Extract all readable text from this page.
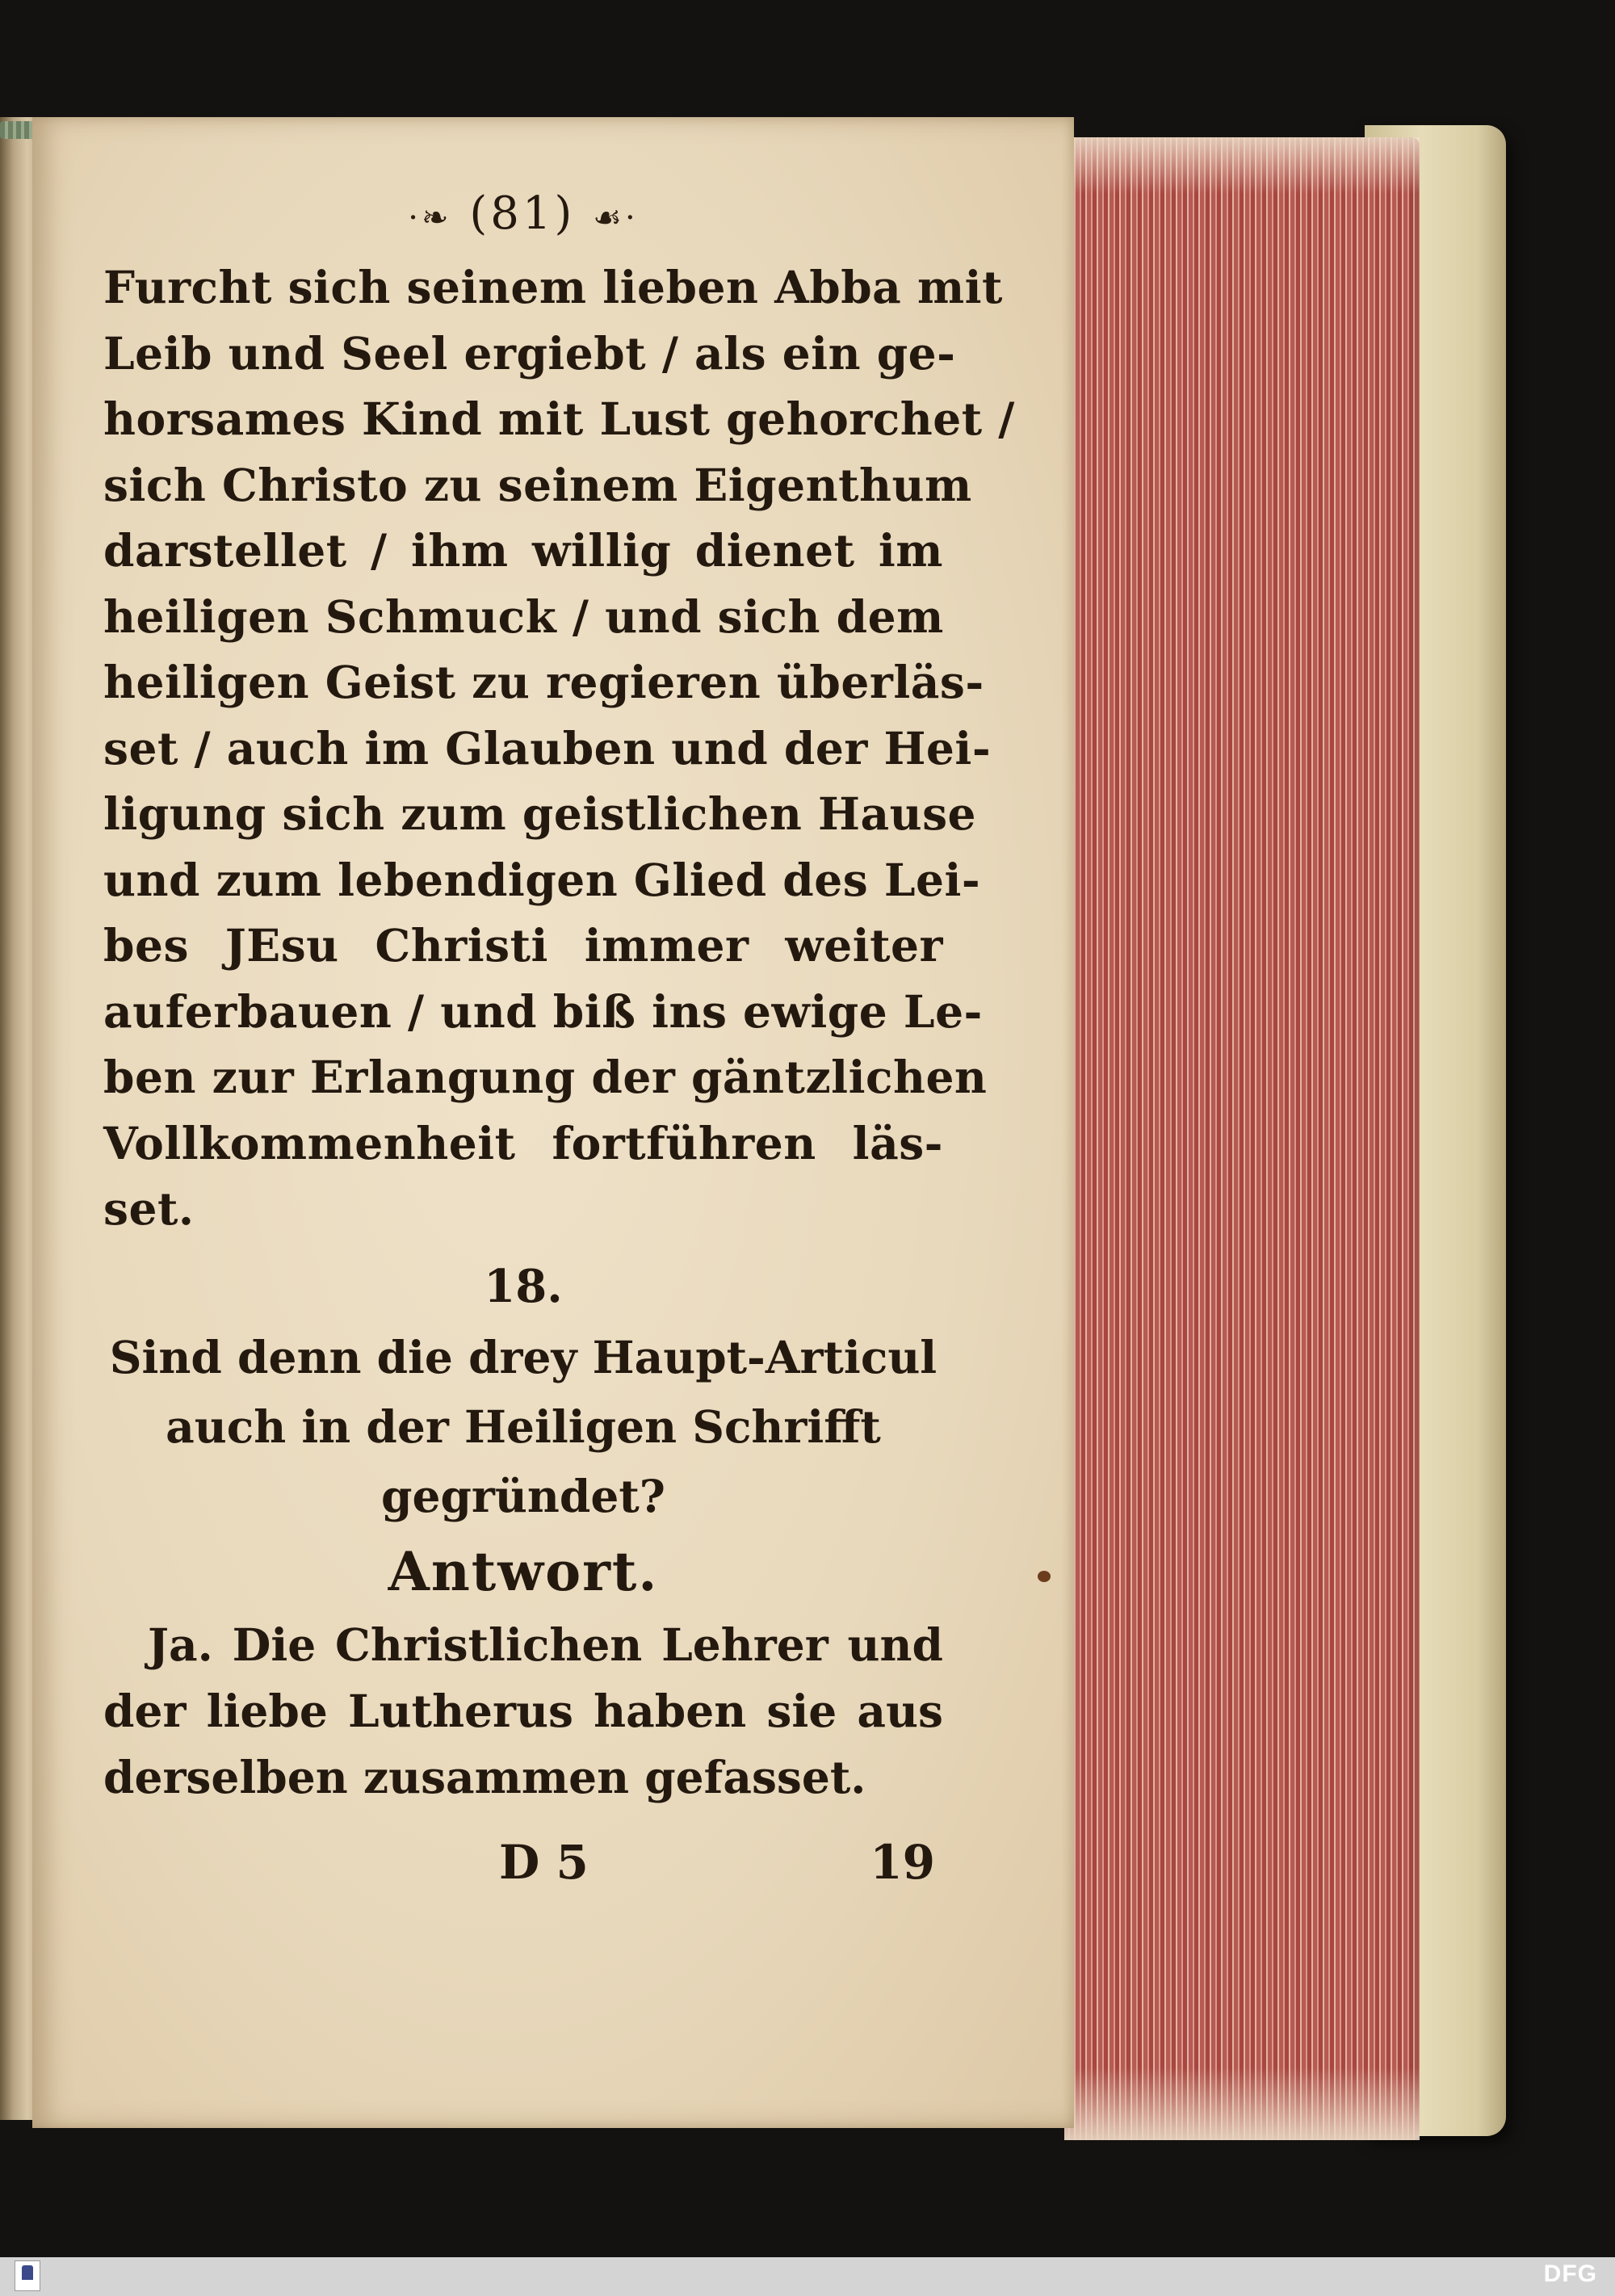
·❧ (81) ☙·
Furcht sich seinem lieben Abba mit
Leib und Seel ergiebt / als ein ge-
horsames Kind mit Lust gehorchet /
sich Christo zu seinem Eigenthum
darstellet / ihm willig dienet im
heiligen Schmuck / und sich dem
heiligen Geist zu regieren überläs-
set / auch im Glauben und der Hei-
ligung sich zum geistlichen Hause
und zum lebendigen Glied des Lei-
bes JEsu Christi immer weiter
auferbauen / und biß ins ewige Le-
ben zur Erlangung der gäntzlichen
Vollkommenheit fortführen läs-
set.
18.
Sind denn die drey Haupt-Articul
auch in der Heiligen Schrifft
gegründet?
Antwort.
Ja. Die Christlichen Lehrer und
der liebe Lutherus haben sie aus
derselben zusammen gefasset.
D 5	19
DFG
